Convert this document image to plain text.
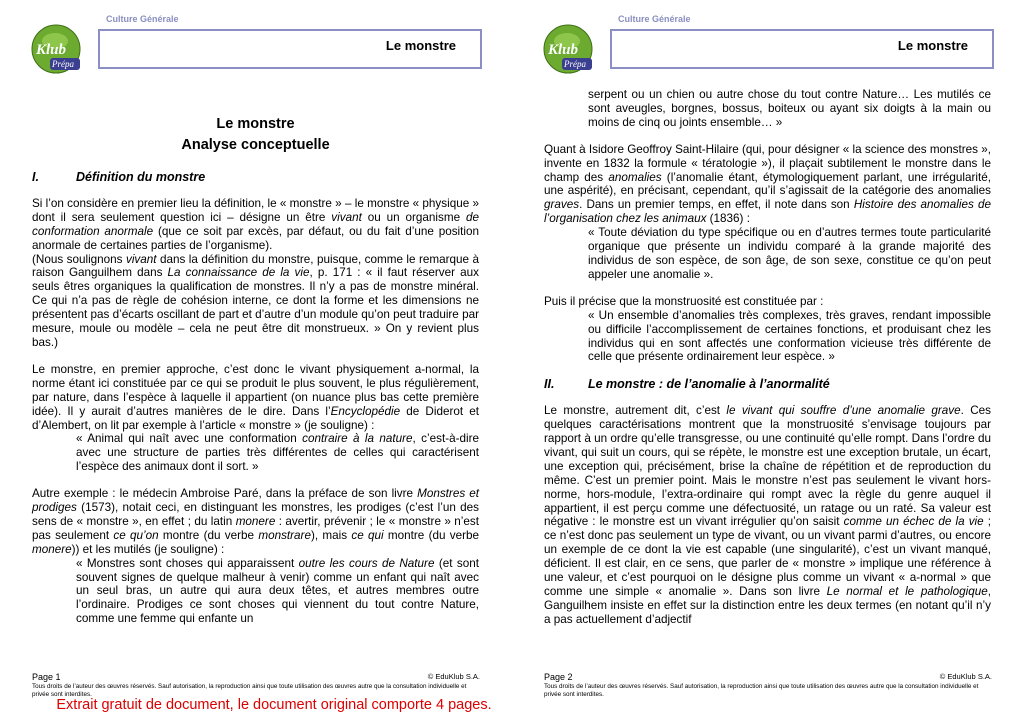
Culture Générale
Klub
Prépa
Le monstre
Le monstre
Analyse conceptuelle
I.	Définition du monstre

Si l’on considère en premier lieu la définition, le « monstre » – le monstre « physique » dont il sera seulement question ici – désigne un être vivant ou un organisme de conformation anormale (que ce soit par excès, par défaut, ou du fait d’une position anormale de certaines parties de l’organisme).

(Nous soulignons vivant dans la définition du monstre, puisque, comme le remarque à raison Ganguilhem dans La connaissance de la vie, p. 171 : « il faut réserver aux seuls êtres organiques la qualification de monstres. Il n’y a pas de monstre minéral. Ce qui n’a pas de règle de cohésion interne, ce dont la forme et les dimensions ne présentent pas d’écarts oscillant de part et d’autre d’un module qu’on peut traduire par mesure, moule ou modèle – cela ne peut être dit monstrueux. » On y revient plus bas.)

Le monstre, en premier approche, c’est donc le vivant physiquement a-normal, la norme étant ici constituée par ce qui se produit le plus souvent, le plus régulièrement, par nature, dans l’espèce à laquelle il appartient (on nuance plus bas cette première idée). Il y aurait d’autres manières de le dire. Dans l’Encyclopédie de Diderot et d’Alembert, on lit par exemple à l’article « monstre » (je souligne) :

« Animal qui naît avec une conformation contraire à la nature, c’est-à-dire avec une structure de parties très différentes de celles qui caractérisent l’espèce des animaux dont il sort. »

Autre exemple : le médecin Ambroise Paré, dans la préface de son livre Monstres et prodiges (1573), notait ceci, en distinguant les monstres, les prodiges (c’est l’un des sens de « monstre », en effet ; du latin monere : avertir, prévenir ; le « monstre » n’est pas seulement ce qu’on montre (du verbe monstrare), mais ce qui montre (du verbe monere)) et les mutilés (je souligne) :

« Monstres sont choses qui apparaissent outre les cours de Nature (et sont souvent signes de quelque malheur à venir) comme un enfant qui naît avec un seul bras, un autre qui aura deux têtes, et autres membres outre l’ordinaire. Prodiges ce sont choses qui viennent du tout contre Nature, comme une femme qui enfante un

Page 1	© EduKlub S.A.
Tous droits de l’auteur des œuvres réservés. Sauf autorisation, la reproduction ainsi que toute utilisation des œuvres autre que la consultation individuelle et privée sont interdites.
Culture Générale
Klub
Prépa
Le monstre

serpent ou un chien ou autre chose du tout contre Nature… Les mutilés ce sont aveugles, borgnes, bossus, boiteux ou ayant six doigts à la main ou moins de cinq ou joints ensemble… »

Quant à Isidore Geoffroy Saint-Hilaire (qui, pour désigner « la science des monstres », invente en 1832 la formule « tératologie »), il plaçait subtilement le monstre dans le champ des anomalies (l’anomalie étant, étymologiquement parlant, une irrégularité, une aspérité), en précisant, cependant, qu’il s’agissait de la catégorie des anomalies graves. Dans un premier temps, en effet, il note dans son Histoire des anomalies de l’organisation chez les animaux (1836) :

« Toute déviation du type spécifique ou en d’autres termes toute particularité organique que présente un individu comparé à la grande majorité des individus de son espèce, de son âge, de son sexe, constitue ce qu’on peut appeler une anomalie ».

Puis il précise que la monstruosité est constituée par :

« Un ensemble d’anomalies très complexes, très graves, rendant impossible ou difficile l’accomplissement de certaines fonctions, et produisant chez les individus qui en sont affectés une conformation vicieuse très différente de celle que présente ordinairement leur espèce. »

II.	Le monstre : de l’anomalie à l’anormalité

Le monstre, autrement dit, c’est le vivant qui souffre d’une anomalie grave. Ces quelques caractérisations montrent que la monstruosité s’envisage toujours par rapport à un ordre qu’elle transgresse, ou une continuité qu’elle rompt. Dans l’ordre du vivant, qui suit un cours, qui se répète, le monstre est une exception brutale, un écart, une exception qui, précisément, brise la chaîne de répétition et de reproduction du même. C’est un premier point. Mais le monstre n’est pas seulement le vivant hors-norme, hors-module, l’extra-ordinaire qui rompt avec la règle du genre auquel il appartient, il est perçu comme une défectuosité, un ratage ou un raté. Sa valeur est négative : le monstre est un vivant irrégulier qu’on saisit comme un échec de la vie ; ce n’est donc pas seulement un type de vivant, ou un vivant parmi d’autres, ou encore un exemple de ce dont la vie est capable (une singularité), c’est un vivant manqué, déficient. Il est clair, en ce sens, que parler de « monstre » implique une référence à une valeur, et c’est pourquoi on le désigne plus comme un vivant « a-normal » que comme une simple « anomalie ». Dans son livre Le normal et le pathologique, Ganguilhem insiste en effet sur la distinction entre les deux termes (en notant qu’il n’y a pas actuellement d’adjectif

Page 2	© EduKlub S.A.
Tous droits de l’auteur des œuvres réservés. Sauf autorisation, la reproduction ainsi que toute utilisation des œuvres autre que la consultation individuelle et privée sont interdites.
Extrait gratuit de document, le document original comporte 4 pages.
